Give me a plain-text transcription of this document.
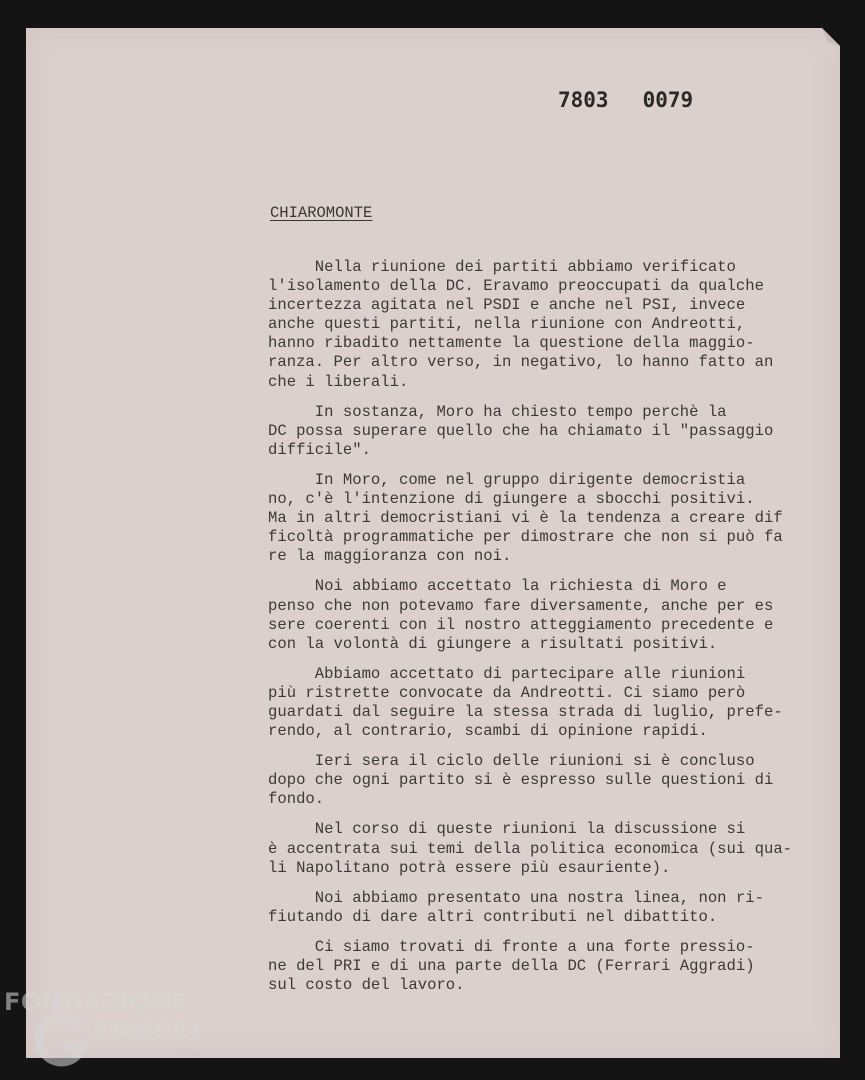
7803 0079
CHIAROMONTE

Nella riunione dei partiti abbiamo verificato
l'isolamento della DC. Eravamo preoccupati da qualche
incertezza agitata nel PSDI e anche nel PSI, invece
anche questi partiti, nella riunione con Andreotti,
hanno ribadito nettamente la questione della maggio-
ranza. Per altro verso, in negativo, lo hanno fatto an
che i liberali.

In sostanza, Moro ha chiesto tempo perchè la
DC possa superare quello che ha chiamato il "passaggio
difficile".

In Moro, come nel gruppo dirigente democristia
no, c'è l'intenzione di giungere a sbocchi positivi.
Ma in altri democristiani vi è la tendenza a creare dif
ficoltà programmatiche per dimostrare che non si può fa
re la maggioranza con noi.

Noi abbiamo accettato la richiesta di Moro e
penso che non potevamo fare diversamente, anche per es
sere coerenti con il nostro atteggiamento precedente e
con la volontà di giungere a risultati positivi.

Abbiamo accettato di partecipare alle riunioni
più ristrette convocate da Andreotti. Ci siamo però
guardati dal seguire la stessa strada di luglio, prefe-
rendo, al contrario, scambi di opinione rapidi.

Ieri sera il ciclo delle riunioni si è concluso
dopo che ogni partito si è espresso sulle questioni di
fondo.

Nel corso di queste riunioni la discussione si
è accentrata sui temi della politica economica (sui qua-
li Napolitano potrà essere più esauriente).

Noi abbiamo presentato una nostra linea, non ri-
fiutando di dare altri contributi nel dibattito.

Ci siamo trovati di fronte a una forte pressio-
ne del PRI e di una parte della DC (Ferrari Aggradi)
sul costo del lavoro.

FONDAZIONE
RAMSCI
onlus
